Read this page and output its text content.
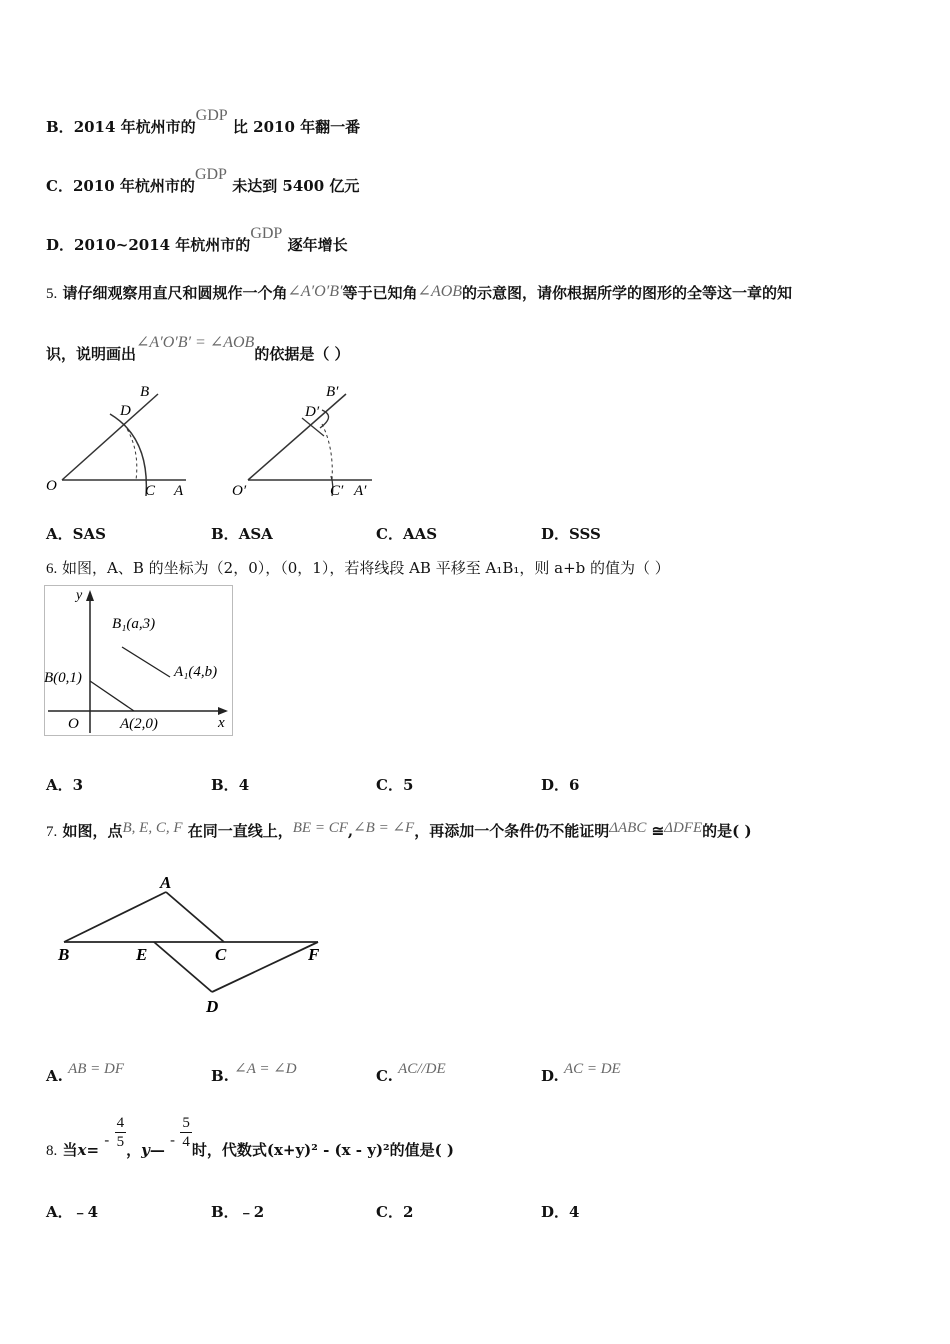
B．2014 年杭州市的GDP 比 2010 年翻一番
C．2010 年杭州市的GDP 未达到 5400 亿元
D．2010~2014 年杭州市的GDP 逐年增长
5. 请仔细观察用直尺和圆规作一个角∠A′O′B′等于已知角∠AOB的示意图，请你根据所学的图形的全等这一章的知
识，说明画出∠A′O′B′ = ∠AOB的依据是（ ）
B
D
O	C A
B′
D′
O′	C′ A′
A．SAS	B．ASA	C．AAS	D．SSS
6. 如图，A、B 的坐标为（2，0），（0，1），若将线段 AB 平移至 A₁B₁，则 a+b 的值为（ ）
y
x
O
B(0,1)
A(2,0)
B₁(a,3)
A₁(4,b)
A．3	B．4	C．5	D．6
7. 如图，点B, E, C, F 在同一直线上，BE = CF,∠B = ∠F，再添加一个条件仍不能证明ΔABC ≅ΔDFE的是( )
A
B	E	C	F
D
A. AB = DF	B. ∠A = ∠D	C. AC//DE	D. AC = DE
8. 当$x= - \frac{4}{5}$ ，y— - $\frac{5}{4}$ 时，代数式(x+y)² - (x - y)²的值是( )
A．﹣4	B．﹣2	C．2	D．4
